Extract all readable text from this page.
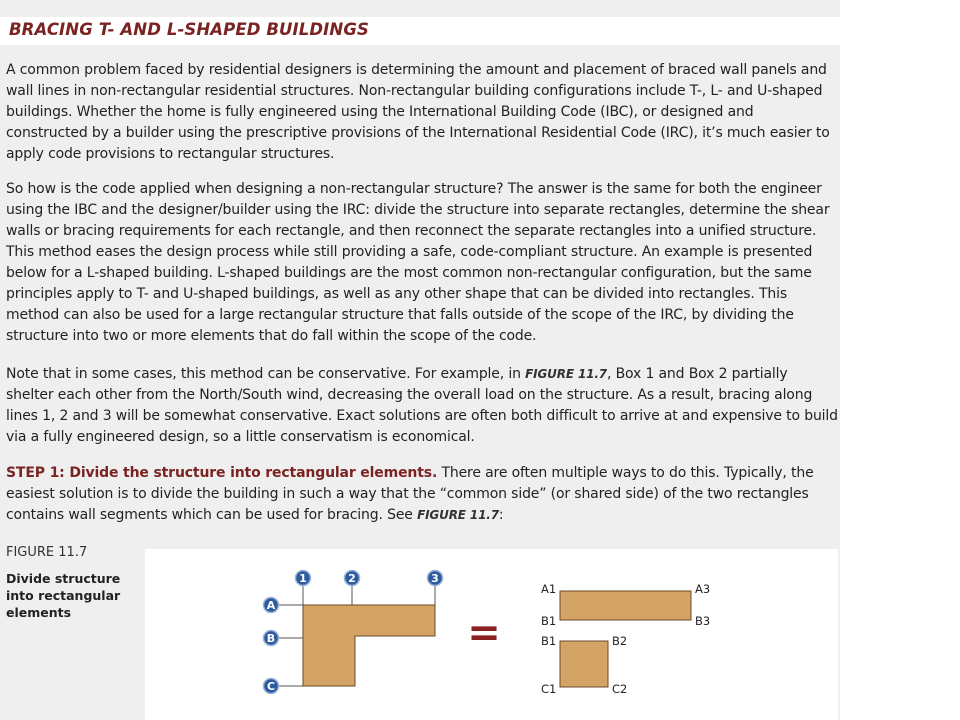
BRACING T- AND L-SHAPED BUILDINGS

A common problem faced by residential designers is determining the amount and placement of braced wall panels and wall lines in non-rectangular residential structures. Non-rectangular building configurations include T-, L- and U-shaped buildings. Whether the home is fully engineered using the International Building Code (IBC), or designed and constructed by a builder using the prescriptive provisions of the International Residential Code (IRC), it’s much easier to apply code provisions to rectangular structures.

So how is the code applied when designing a non-rectangular structure? The answer is the same for both the engineer using the IBC and the designer/builder using the IRC: divide the structure into separate rectangles, determine the shear walls or bracing requirements for each rectangle, and then reconnect the separate rectangles into a unified structure. This method eases the design process while still providing a safe, code-compliant structure. An example is presented below for a L-shaped building. L-shaped buildings are the most common non-rectangular configuration, but the same principles apply to T- and U-shaped buildings, as well as any other shape that can be divided into rectangles. This method can also be used for a large rectangular structure that falls outside of the scope of the IRC, by dividing the structure into two or more elements that do fall within the scope of the code.

Note that in some cases, this method can be conservative. For example, in FIGURE 11.7, Box 1 and Box 2 partially shelter each other from the North/South wind, decreasing the overall load on the structure. As a result, bracing along lines 1, 2 and 3 will be somewhat conservative. Exact solutions are often both difficult to arrive at and expensive to build via a fully engineered design, so a little conservatism is economical.

STEP 1: Divide the structure into rectangular elements. There are often multiple ways to do this. Typically, the easiest solution is to divide the building in such a way that the “common side” (or shared side) of the two rectangles contains wall segments which can be used for bracing. See FIGURE 11.7:

FIGURE 11.7
Divide structure into rectangular elements
1	2	3
A
B
C
=
A1	A3
B1	B3
B1	B2
C1	C2
